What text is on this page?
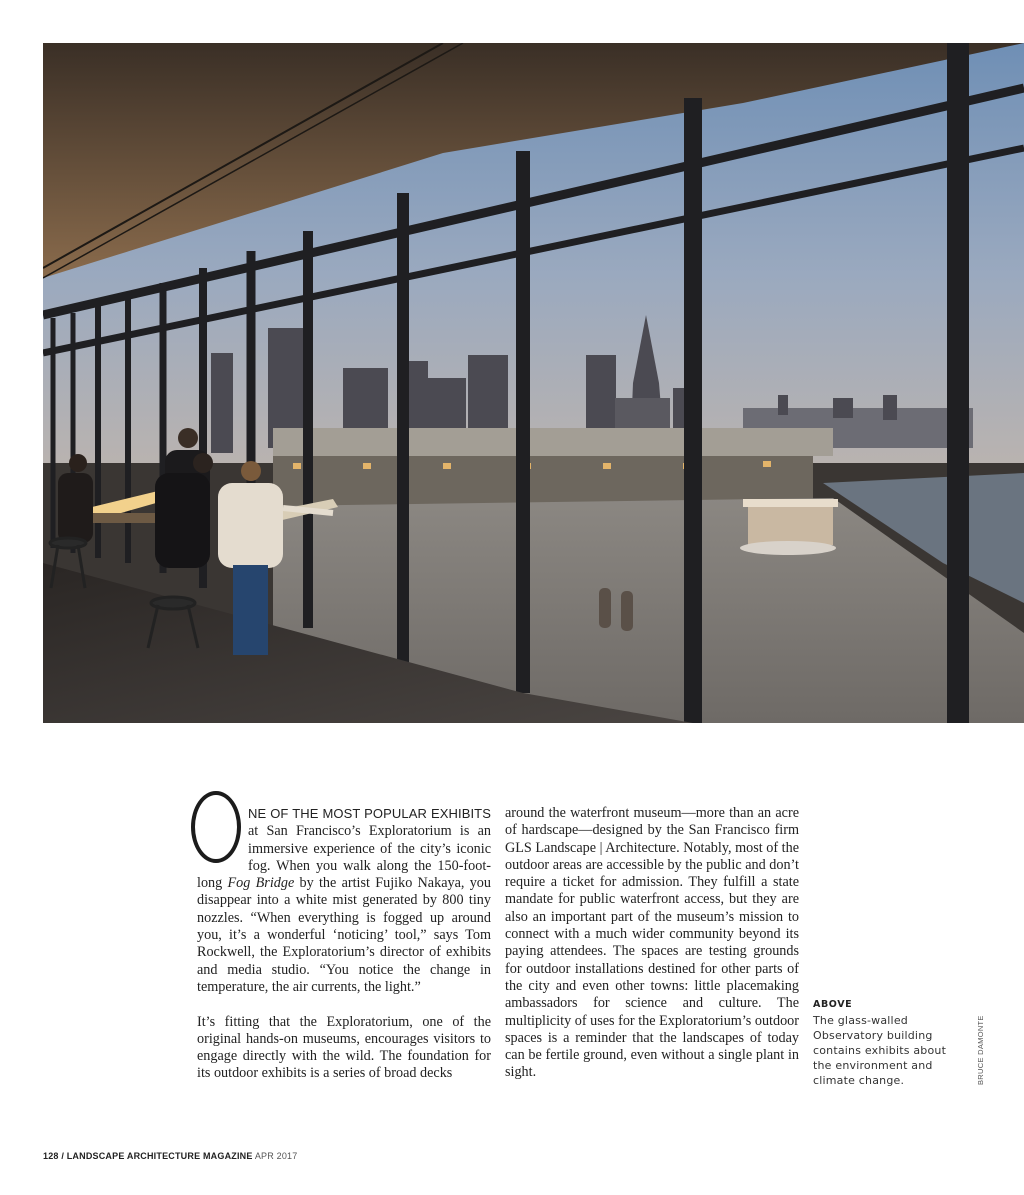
NE OF THE MOST POPULAR EXHIBITS at San Francisco’s Exploratorium is an immersive experience of the city’s iconic fog. When you walk along the 150-foot-long Fog Bridge by the artist Fujiko Nakaya, you disappear into a white mist generated by 800 tiny nozzles. “When everything is fogged up around you, it’s a wonderful ‘noticing’ tool,” says Tom Rockwell, the Exploratorium’s director of exhibits and media studio. “You notice the change in temperature, the air currents, the light.”

It’s fitting that the Exploratorium, one of the original hands-on museums, encourages visitors to engage directly with the wild. The foundation for its outdoor exhibits is a series of broad decks

around the waterfront museum—more than an acre of hardscape—designed by the San Francisco firm GLS Landscape | Architecture. Notably, most of the outdoor areas are accessible by the public and don’t require a ticket for admission. They fulfill a state mandate for public waterfront access, but they are also an important part of the museum’s mission to connect with a much wider community beyond its paying attendees. The spaces are testing grounds for outdoor installations destined for other parts of the city and even other towns: little placemaking ambassadors for science and culture. The multiplicity of uses for the Exploratorium’s outdoor spaces is a reminder that the landscapes of today can be fertile ground, even without a single plant in sight.

ABOVE
The glass-walled Observatory building contains exhibits about the environment and climate change.	BRUCE DAMONTE
128 / LANDSCAPE ARCHITECTURE MAGAZINE APR 2017
